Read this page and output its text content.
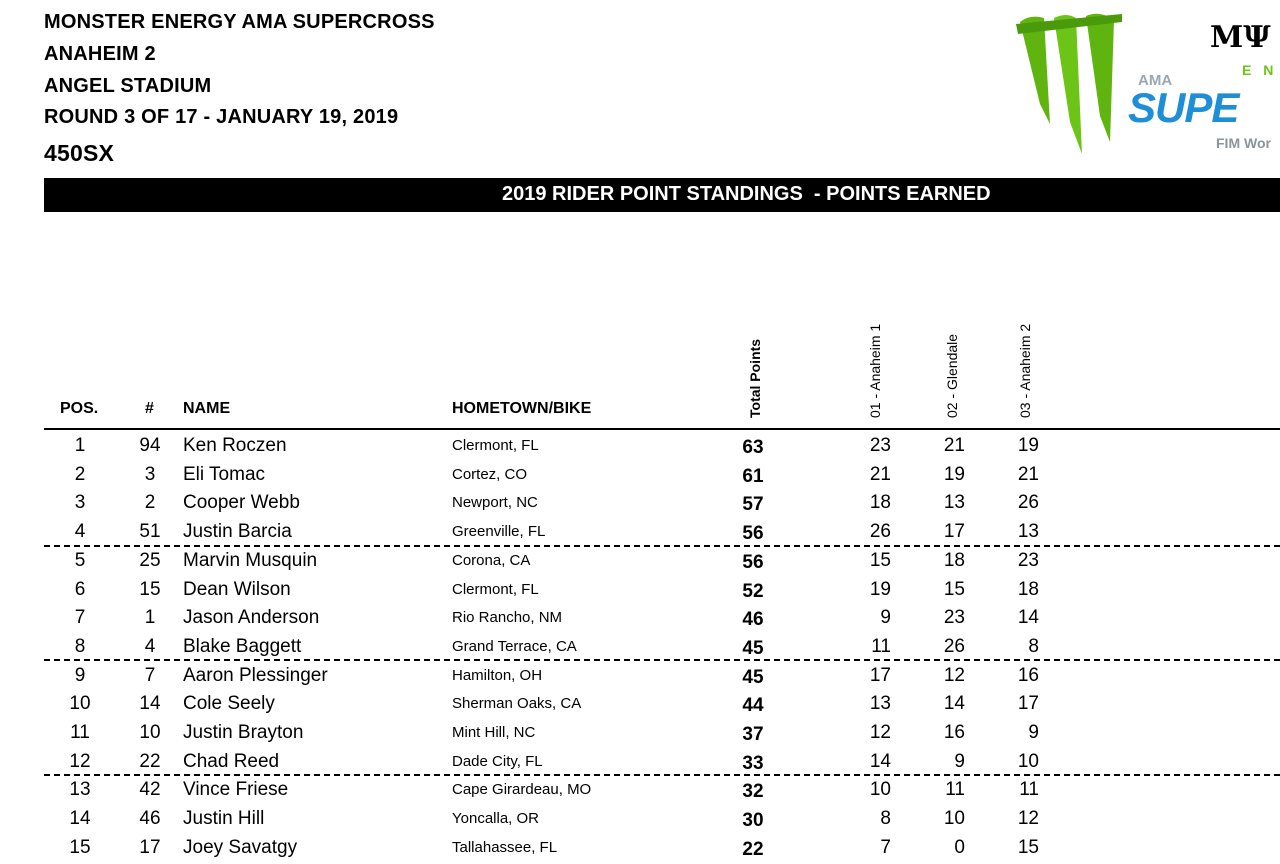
MONSTER ENERGY AMA SUPERCROSS
ANAHEIM 2
ANGEL STADIUM
ROUND 3 OF 17 - JANUARY 19, 2019
450SX
MΨ
E N
AMA
SUPE
FIM Wor
2019 RIDER POINT STANDINGS  - POINTS EARNED
POS.	# NAME	HOMETOWN/BIKE	Total Points	01 - Anaheim 1	02 - Glendale	03 - Anaheim 2
1	94	Ken Roczen	Clermont, FL	63	23	21	19
2	3	Eli Tomac	Cortez, CO	61	21	19	21
3	2	Cooper Webb	Newport, NC	57	18	13	26
4	51	Justin Barcia	Greenville, FL	56	26	17	13
5	25	Marvin Musquin	Corona, CA	56	15	18	23
6	15	Dean Wilson	Clermont, FL	52	19	15	18
7	1	Jason Anderson	Rio Rancho, NM	46	9	23	14
8	4	Blake Baggett	Grand Terrace, CA	45	11	26	8
9	7	Aaron Plessinger	Hamilton, OH	45	17	12	16
10	14	Cole Seely	Sherman Oaks, CA	44	13	14	17
11	10	Justin Brayton	Mint Hill, NC	37	12	16	9
12	22	Chad Reed	Dade City, FL	33	14	9	10
13	42	Vince Friese	Cape Girardeau, MO	32	10	11	11
14	46	Justin Hill	Yoncalla, OR	30	8	10	12
15	17	Joey Savatgy	Tallahassee, FL	22	7	0	15
